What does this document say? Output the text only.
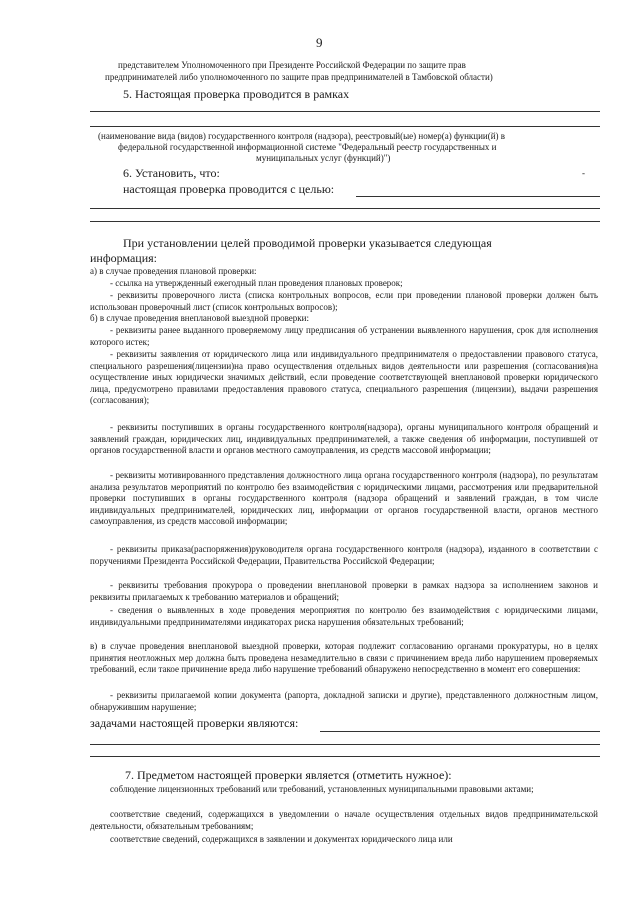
9
представителем Уполномоченного при Президенте Российской Федерации по защите прав
предпринимателей либо уполномоченного по защите прав предпринимателей в Тамбовской области)
5. Настоящая проверка проводится в рамках
(наименование вида (видов) государственного контроля (надзора), реестровый(ые) номер(а) функции(й) в
федеральной государственной информационной системе "Федеральный реестр государственных и
муниципальных услуг (функций)")
6. Установить, что:	-
настоящая проверка проводится с целью:
При установлении целей проводимой проверки указывается следующая
информация:
а) в случае проведения плановой проверки:
- ссылка на утвержденный ежегодный план проведения плановых проверок;
- реквизиты проверочного листа (списка контрольных вопросов, если при проведении плановой проверки должен быть использован проверочный лист (список контрольных вопросов);
б) в случае проведения внеплановой выездной проверки:
- реквизиты ранее выданного проверяемому лицу предписания об устранении выявленного нарушения, срок для исполнения которого истек;
- реквизиты заявления от юридического лица или индивидуального предпринимателя о предоставлении правового статуса, специального разрешения(лицензии)на право осуществления отдельных видов деятельности или разрешения (согласования)на осуществление иных юридически значимых действий, если проведение соответствующей внеплановой проверки юридического лица, предусмотрено правилами предоставления правового статуса, специального разрешения (лицензии), выдачи разрешения (согласования);
- реквизиты поступивших в органы государственного контроля(надзора), органы муниципального контроля обращений и заявлений граждан, юридических лиц, индивидуальных предпринимателей, а также сведения об информации, поступившей от органов государственной власти и органов местного самоуправления, из средств массовой информации;
- реквизиты мотивированного представления должностного лица органа государственного контроля (надзора), по результатам анализа результатов мероприятий по контролю без взаимодействия с юридическими лицами, рассмотрения или предварительной проверки поступивших в органы государственного контроля (надзора обращений и заявлений граждан, в том числе индивидуальных предпринимателей, юридических лиц, информации от органов государственной власти, органов местного самоуправления, из средств массовой информации;
- реквизиты приказа(распоряжения)руководителя органа государственного контроля (надзора), изданного в соответствии с поручениями Президента Российской Федерации, Правительства Российской Федерации;
- реквизиты требования прокурора о проведении внеплановой проверки в рамках надзора за исполнением законов и реквизиты прилагаемых к требованию материалов и обращений;
- сведения о выявленных в ходе проведения мероприятия по контролю без взаимодействия с юридическими лицами, индивидуальными предпринимателями индикаторах риска нарушения обязательных требований;
в) в случае проведения внеплановой выездной проверки, которая подлежит согласованию органами прокуратуры, но в целях принятия неотложных мер должна быть проведена незамедлительно в связи с причинением вреда либо нарушением проверяемых требований, если такое причинение вреда либо нарушение требований обнаружено непосредственно в момент его совершения:
- реквизиты прилагаемой копии документа (рапорта, докладной записки и другие), представленного должностным лицом, обнаружившим нарушение;
задачами настоящей проверки являются:
7. Предметом настоящей проверки является (отметить нужное):
соблюдение лицензионных требований или требований, установленных муниципальными правовыми актами;
соответствие сведений, содержащихся в уведомлении о начале осуществления отдельных видов предпринимательской деятельности, обязательным требованиям;
соответствие сведений, содержащихся в заявлении и документах юридического лица или
